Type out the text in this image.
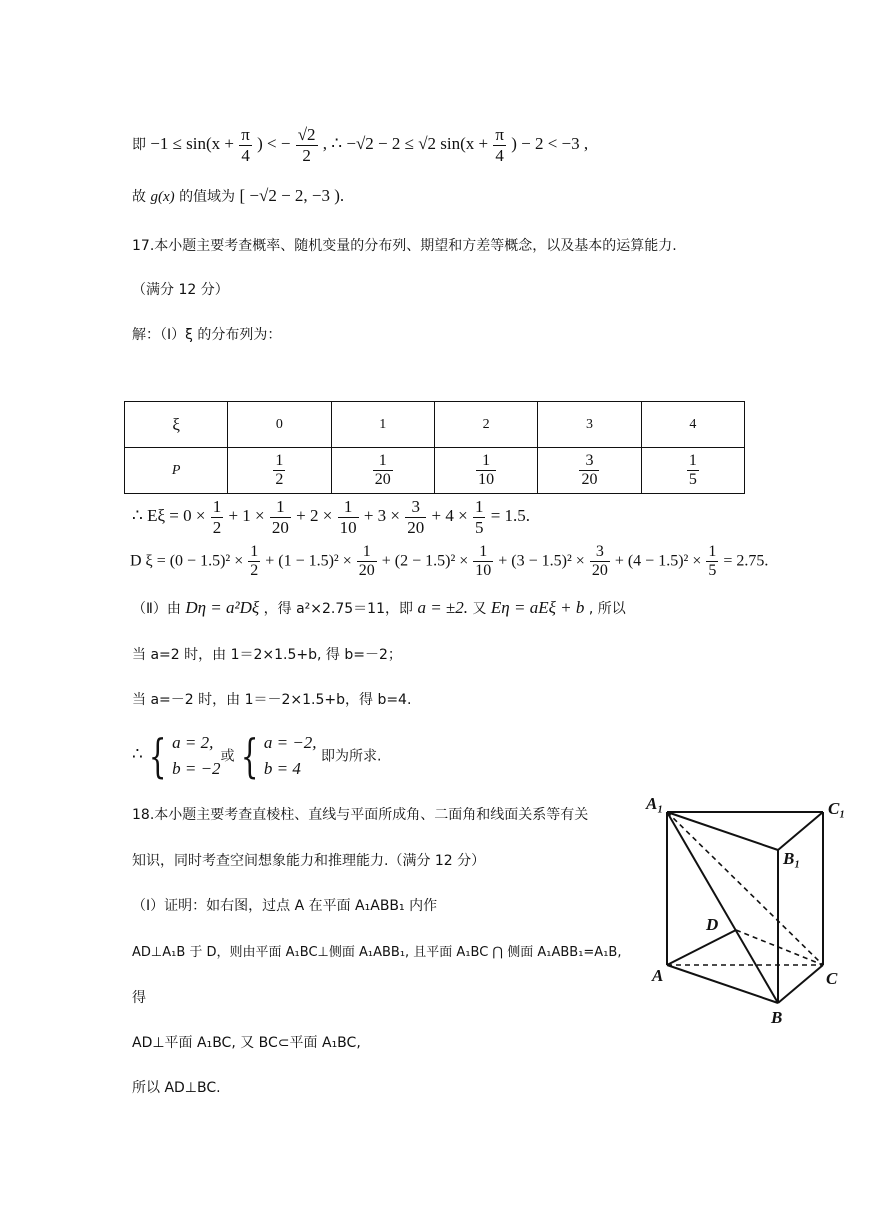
即 $-1 \le \sin(x + \frac{\pi}{4}$ ) < − $\frac{√2}{2}$ , ∴ −√2 − 2 ≤ √2 $\sin(x + \frac{\pi}{4}$ ) − 2 < −3 ,
故 g(x) 的值域为 [ −√2 − 2, −3 ).
17.本小题主要考查概率、随机变量的分布列、期望和方差等概念，以及基本的运算能力.
（满分 12 分）
解：（Ⅰ）ξ 的分布列为：
ξ	0	1	2	3	4
P	$\frac{1}{2}$	$\frac{1}{20}$	$\frac{1}{10}$	$\frac{3}{20}$	$\frac{1}{5}$
∴ $E\xi = 0 \times \frac{1}{2} + 1 \times \frac{1}{20} + 2 \times \frac{1}{10} + 3 \times \frac{3}{20} + 4 \times \frac{1}{5} = 1.5$.
D $\xi = (0 - 1.5)^2 \times \frac{1}{2} + (1 - 1.5)^2 \times \frac{1}{20} + (2 - 1.5)^2 \times \frac{1}{10} + (3 - 1.5)^2 \times \frac{3}{20} + (4 - 1.5)^2 \times \frac{1}{5} = 2.75$.
（Ⅱ）由 Dη = a²Dξ ，得 a²×2.75＝11，即 a = ±2. 又 Eη = aEξ + b , 所以
当 a=2 时，由 1＝2×1.5+b, 得 b=－2；
当 a=－2 时，由 1＝－2×1.5+b，得 b=4.
∴ { a = 2,
b = −2或 { a = −2,
b = 4 即为所求.
18.本小题主要考查直棱柱、直线与平面所成角、二面角和线面关系等有关
知识，同时考查空间想象能力和推理能力.（满分 12 分）
（Ⅰ）证明：如右图，过点 A 在平面 A₁ABB₁ 内作
AD⊥A₁B 于 D，则由平面 A₁BC⊥侧面 A₁ABB₁, 且平面 A₁BC ⋂ 侧面 A₁ABB₁=A₁B,
得
AD⊥平面 A₁BC, 又 BC⊂平面 A₁BC,
所以 AD⊥BC.
A₁	C₁
B₁
D
A	C
B
